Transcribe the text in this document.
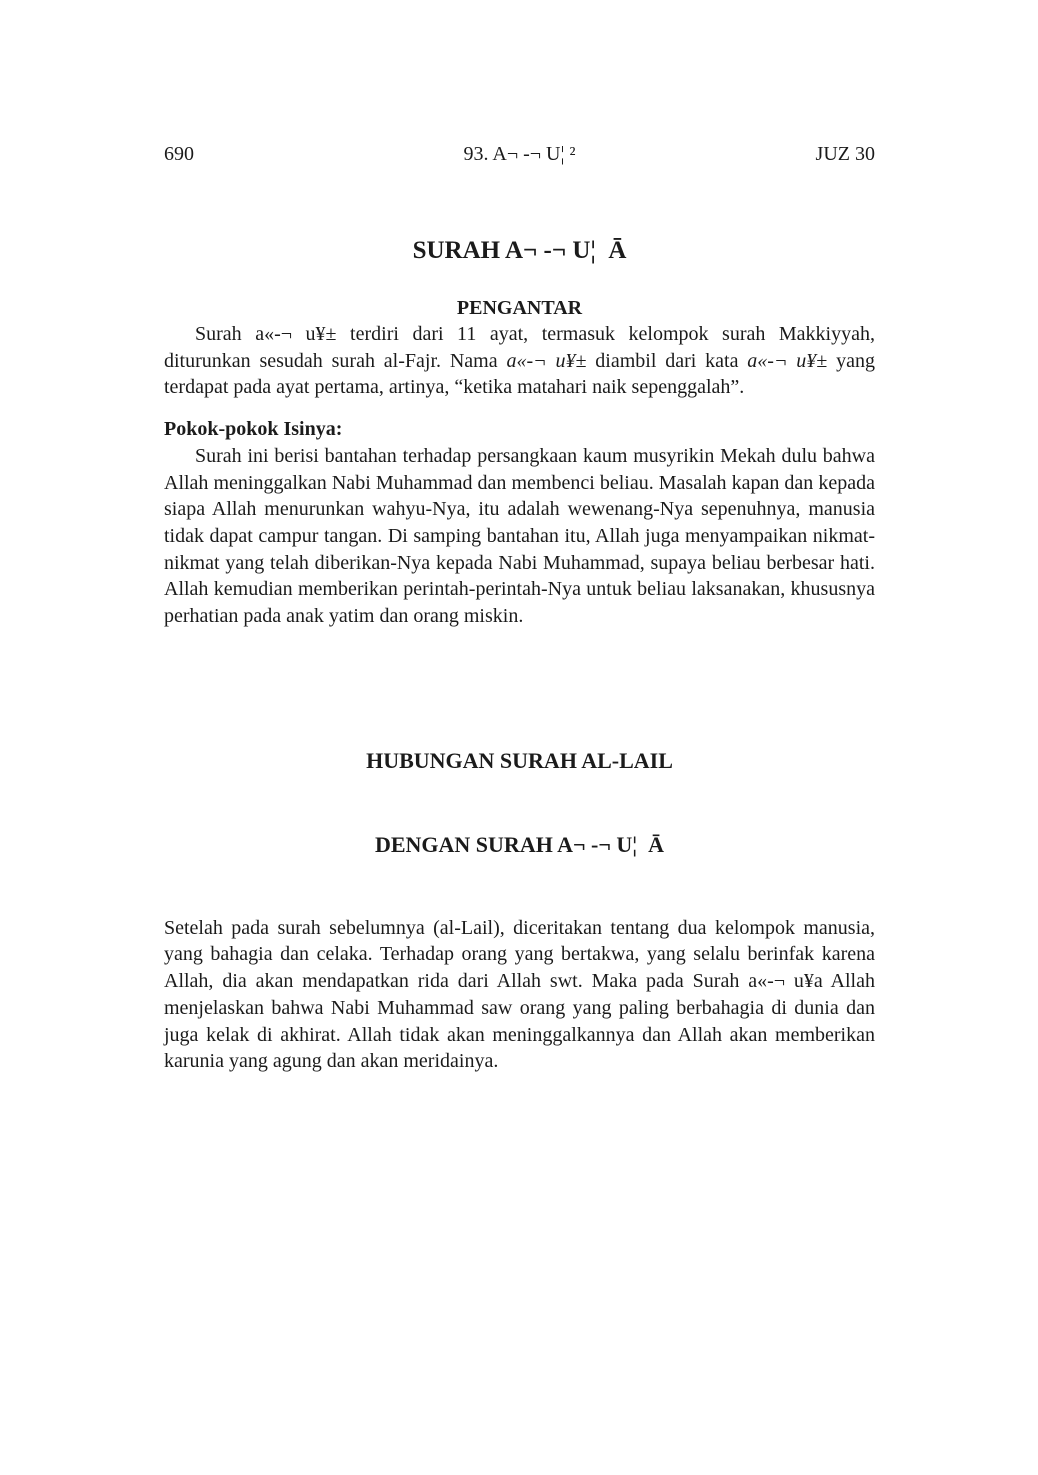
690	93. A¬ -¬ U¦ ²	JUZ 30
SURAH A¬ -¬ U¦  Ā
PENGANTAR

Surah a«-¬ u¥± terdiri dari 11 ayat, termasuk kelompok surah Makkiyyah, diturunkan sesudah surah al-Fajr. Nama a«-¬ u¥± diambil dari kata a«-¬ u¥± yang terdapat pada ayat pertama, artinya, “ketika matahari naik sepenggalah”.

Pokok-pokok Isinya:

Surah ini berisi bantahan terhadap persangkaan kaum musyrikin Mekah dulu bahwa Allah meninggalkan Nabi Muhammad dan membenci beliau. Masalah kapan dan kepada siapa Allah menurunkan wahyu-Nya, itu adalah wewenang-Nya sepenuhnya, manusia tidak dapat campur tangan. Di samping bantahan itu, Allah juga menyampaikan nikmat-nikmat yang telah diberikan-Nya kepada Nabi Muhammad, supaya beliau berbesar hati. Allah kemudian memberikan perintah-perintah-Nya untuk beliau laksanakan, khususnya perhatian pada anak yatim dan orang miskin.

HUBUNGAN SURAH AL-LAIL

DENGAN SURAH A¬ -¬ U¦  Ā

Setelah pada surah sebelumnya (al-Lail), diceritakan tentang dua kelompok manusia, yang bahagia dan celaka. Terhadap orang yang bertakwa, yang selalu berinfak karena Allah, dia akan mendapatkan rida dari Allah swt. Maka pada Surah a«-¬ u¥a Allah menjelaskan bahwa Nabi Muhammad saw orang yang paling berbahagia di dunia dan juga kelak di akhirat. Allah tidak akan meninggalkannya dan Allah akan memberikan karunia yang agung dan akan meridainya.
